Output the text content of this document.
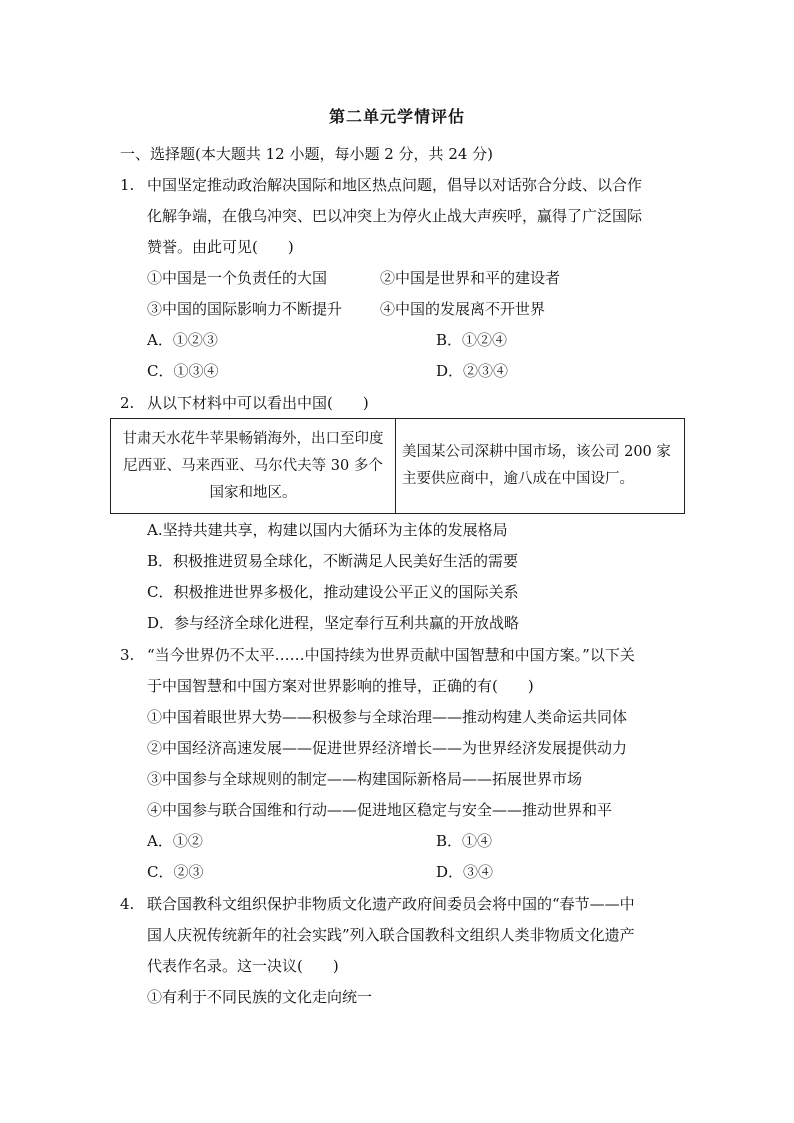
第二单元学情评估
一、选择题(本大题共 12 小题，每小题 2 分，共 24 分)
1. 中国坚定推动政治解决国际和地区热点问题，倡导以对话弥合分歧、以合作
化解争端，在俄乌冲突、巴以冲突上为停火止战大声疾呼，赢得了广泛国际
赞誉。由此可见(　　)
①中国是一个负责任的大国	②中国是世界和平的建设者
③中国的国际影响力不断提升	④中国的发展离不开世界
A．①②③	B．①②④
C．①③④	D．②③④
2. 从以下材料中可以看出中国(　　)
甘肃天水花牛苹果畅销海外，出口至印度尼西亚、马来西亚、马尔代夫等 30 多个国家和地区。	美国某公司深耕中国市场，该公司 200 家主要供应商中，逾八成在中国设厂。
A.坚持共建共享，构建以国内大循环为主体的发展格局
B．积极推进贸易全球化，不断满足人民美好生活的需要
C．积极推进世界多极化，推动建设公平正义的国际关系
D．参与经济全球化进程，坚定奉行互利共赢的开放战略
3. “当今世界仍不太平……中国持续为世界贡献中国智慧和中国方案。”以下关
于中国智慧和中国方案对世界影响的推导，正确的有(　　)
①中国着眼世界大势——积极参与全球治理——推动构建人类命运共同体
②中国经济高速发展——促进世界经济增长——为世界经济发展提供动力
③中国参与全球规则的制定——构建国际新格局——拓展世界市场
④中国参与联合国维和行动——促进地区稳定与安全——推动世界和平
A．①②	B．①④
C．②③	D．③④
4. 联合国教科文组织保护非物质文化遗产政府间委员会将中国的“春节——中
国人庆祝传统新年的社会实践”列入联合国教科文组织人类非物质文化遗产
代表作名录。这一决议(　　)
①有利于不同民族的文化走向统一
